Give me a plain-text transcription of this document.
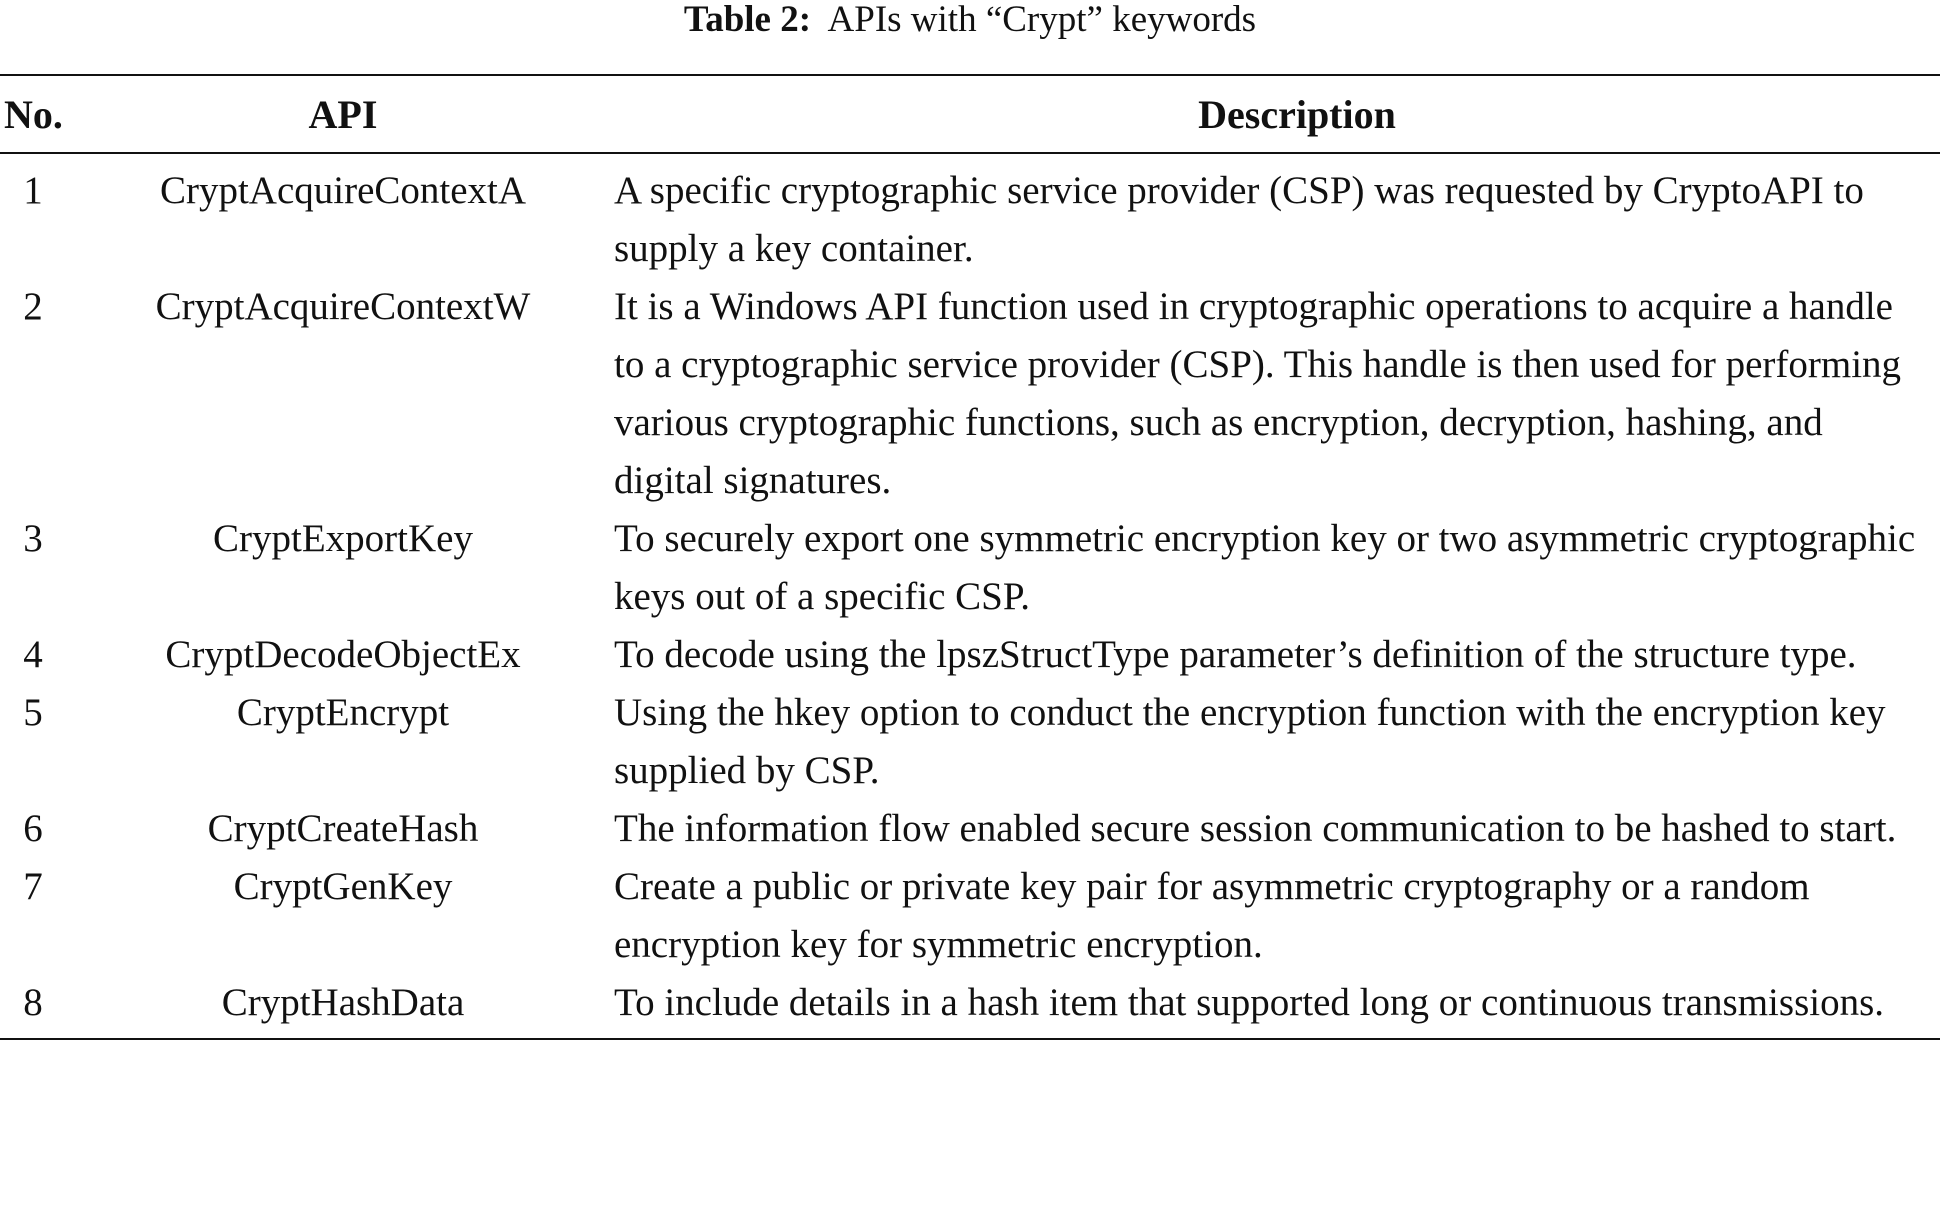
Table 2: APIs with “Crypt” keywords
No.	API	Description
1	CryptAcquireContextA	A specific cryptographic service provider (CSP) was requested by CryptoAPI to supply a key container.
2	CryptAcquireContextW	It is a Windows API function used in cryptographic operations to acquire a handle to a cryptographic service provider (CSP). This handle is then used for performing various cryptographic functions, such as encryption, decryption, hashing, and digital signatures.
3	CryptExportKey	To securely export one symmetric encryption key or two asymmetric cryptographic keys out of a specific CSP.
4	CryptDecodeObjectEx	To decode using the lpszStructType parameter’s definition of the structure type.
5	CryptEncrypt	Using the hkey option to conduct the encryption function with the encryption key supplied by CSP.
6	CryptCreateHash	The information flow enabled secure session communication to be hashed to start.
7	CryptGenKey	Create a public or private key pair for asymmetric cryptography or a random encryption key for symmetric encryption.
8	CryptHashData	To include details in a hash item that supported long or continuous transmissions.
